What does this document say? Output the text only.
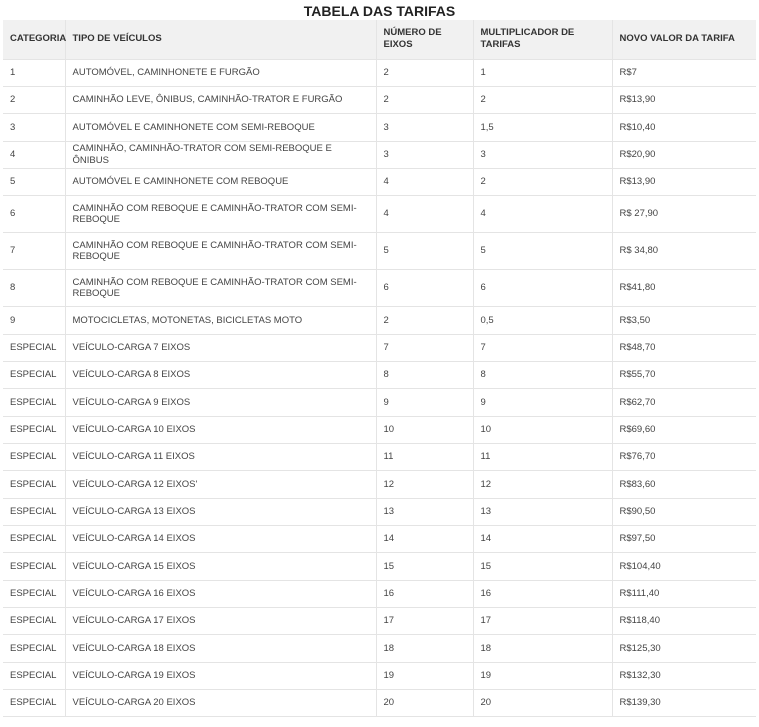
TABELA DAS TARIFAS
CATEGORIA	TIPO DE VEÍCULOS	NÚMERO DE EIXOS	MULTIPLICADOR DE TARIFAS	NOVO VALOR DA TARIFA
1	AUTOMÓVEL, CAMINHONETE E FURGÃO	2	1	R$7
2	CAMINHÃO LEVE, ÔNIBUS, CAMINHÃO-TRATOR E FURGÃO	2	2	R$13,90
3	AUTOMÓVEL E CAMINHONETE COM SEMI-REBOQUE	3	1,5	R$10,40
4	CAMINHÃO, CAMINHÃO-TRATOR COM SEMI-REBOQUE E ÔNIBUS	3	3	R$20,90
5	AUTOMÓVEL E CAMINHONETE COM REBOQUE	4	2	R$13,90
6	CAMINHÃO COM REBOQUE E CAMINHÃO-TRATOR COM SEMI-REBOQUE	4	4	R$ 27,90
7	CAMINHÃO COM REBOQUE E CAMINHÃO-TRATOR COM SEMI-REBOQUE	5	5	R$ 34,80
8	CAMINHÃO COM REBOQUE E CAMINHÃO-TRATOR COM SEMI-REBOQUE	6	6	R$41,80
9	MOTOCICLETAS, MOTONETAS, BICICLETAS MOTO	2	0,5	R$3,50
ESPECIAL	VEÍCULO-CARGA 7 EIXOS	7	7	R$48,70
ESPECIAL	VEÍCULO-CARGA 8 EIXOS	8	8	R$55,70
ESPECIAL	VEÍCULO-CARGA 9 EIXOS	9	9	R$62,70
ESPECIAL	VEÍCULO-CARGA 10 EIXOS	10	10	R$69,60
ESPECIAL	VEÍCULO-CARGA 11 EIXOS	11	11	R$76,70
ESPECIAL	VEÍCULO-CARGA 12 EIXOS'	12	12	R$83,60
ESPECIAL	VEÍCULO-CARGA 13 EIXOS	13	13	R$90,50
ESPECIAL	VEÍCULO-CARGA 14 EIXOS	14	14	R$97,50
ESPECIAL	VEÍCULO-CARGA 15 EIXOS	15	15	R$104,40
ESPECIAL	VEÍCULO-CARGA 16 EIXOS	16	16	R$111,40
ESPECIAL	VEÍCULO-CARGA 17 EIXOS	17	17	R$118,40
ESPECIAL	VEÍCULO-CARGA 18 EIXOS	18	18	R$125,30
ESPECIAL	VEÍCULO-CARGA 19 EIXOS	19	19	R$132,30
ESPECIAL	VEÍCULO-CARGA 20 EIXOS	20	20	R$139,30
